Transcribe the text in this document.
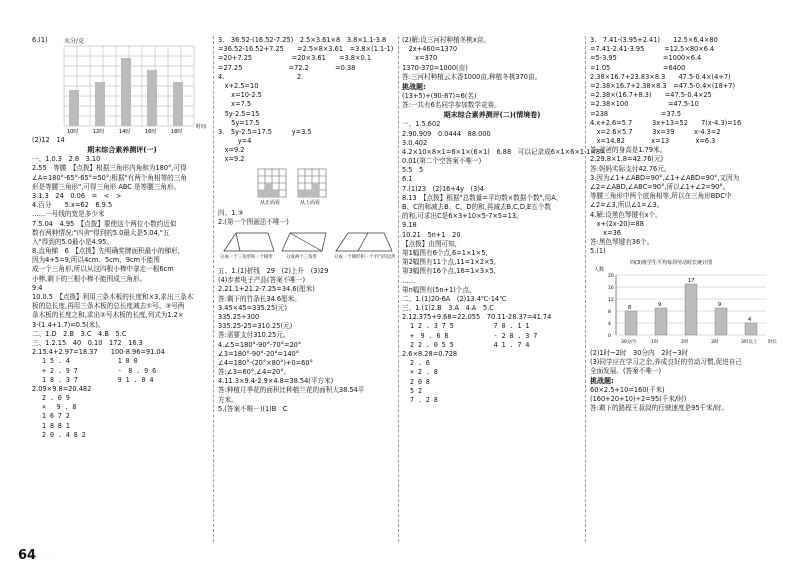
6.(1)	水分/克
10时	12时	14时	16时	18时
时间
(2)12　14
期末综合素养测评(一)
一、1.0.3　2.8　3.10
2.55　等腰　【点拨】根据三角形内角和为180°,可得
∠A=180°-65°-65°=50°;根据"有两个角相等的三角
形是等腰三角形",可得三角形 ABC 是等腰三角形。
3.1.3　24　0.06　=　<　>
4.百分　　5.x=62　6.9.5
……一号线的宽是多少米
7.5.04　4.95　【点拨】要使这个两位小数约近似
数有两种情况:"四舍"得到的5.0最大是5.04,"五
入"得到的5.0最小是4.95。
8.直角梯　6　【点拨】先明确奖牌面积最小的梯形,
因为4+5=9,所以4cm、5cm、9cm不能围
成一个三角形,所以从这四根小棒中拿走一根6cm
小棒,剩下的三根小棒不能围成三角形。
9.4
10.0.5　【点拨】利用三条木板的长度和×3,求出三条木
板的总长度,再用三条木板的总长度减去①号、③号两
条木板的长度之和,求出②号木板的长度,列式为1.2×
3-(1.4+1.7)=0.5(米)。
二、1.D　2.B　3.C　4.B　5.C
三、1.2.15　40　0.10　172　16.3
2.15.4+2.97=18.37　　100-8.96=91.04
1 5 . 4
+ 2 . 9 7
1 8 . 3 7
1 0 0
-　8 . 9 6
9 1 . 0 4
2.09×9.8=20.482
2 . 0 9
×　 9 . 8
1 6 7 2
1 8 8 1
2 0 . 4 8 2
3.　36.52-(16.52-7.25)　2.5×3.61×8　3.8×1.1-3.8
=36.52-16.52+7.25　　=2.5×8×3.61　=3.8×(1.1-1)
=20+7.25　　　　　　=20×3.61　　=3.8×0.1
=27.25　　　　　　　=72.2　　　　=0.38
4.　　　　　　　　　　　2.
　x+2.5=10
　　x=10-2.5
　　x=7.5
　5y-2.5=15
　　5y=17.5
3.　5y-2.5=17.5　　　y=3.5
　　　y=4
　x=9.2
　x=9.2
从正面看	从上面看
四、1.③
2.(第一个图画法不唯一)
分成一个三角形和一个梯形	分成两个三角形	分成一个梯形和一个平行四边形
五、1.(1)折线　29　(2)上升　(3)29
(4)步着电子产品(答案不唯一)
2.21.1+21.2-7.25=34.6(厘米)
答:剩下的竹条长34.6厘米。
3.45×45=335.25(元)
335.25÷300
335.25-25=310.25(元)
答:需要支付310.25元。
4.∠5=180°-90°-70°=20°
∠3=180°-90°-20°=140°
∠4=180°-(20°×80°)+0=60°
答:∠3=60°,∠4=20°。
4.11.3×9.4-2.9×4.8=38.54(平方米)
答:种植月季花的面积比种植兰花的面积大38.54平
方米。
5.(答案不唯一)(1)B　C
(2)解:设三河村种植冬桃x亩。
　2x+460=1370
　　x=370
1370-370=1000(亩)
答:三河村种植云木香1000亩,种植冬桃370亩。
挑战题:
(13+5)+(90-87)=6(名)
答:一共有6名同学参加数学竞赛。
期末综合素养测评(二)(情境卷)
一、1.5.602
2.90.909　0.0444　88.000
3.0.402
4.2×10×8×1=6×1×(6×1)　6.88　可以记录成6×1×6×1·1×8×
0.01(第二个空答案不唯一)
5.5　5
6.1
7.(1)23　(2)16+4y　(3)4
8.13　【点拨】根据"总数量=平均数×数据个数",用A、
B、C的和减去B、C、D的和,再减去B,C,D,E五个数
的和,可求出C是6×3+10×5-7×5=13。
9.18
10.21　5n+1　20
【点拨】由图可知,
第1幅图有6个点,6=1×1×5,
第2幅图有11个点,11=1×2×5,
第3幅图有16个点,16=1×3×5,
……
第n幅图有(5n+1)个点。
二、1.(1)20-6A　(2)13.4℃-14℃
三、1.(1)2.B　3.A　4.A　5.C
2.12.375+9.68=22.055　70.11-28.37=41.74
1 2 . 3 7 5
+　9 . 6 8
2 2 . 0 5 5
7 0 . 1 1
- 2 8 . 3 7
4 1 . 7 4
2.6×8.28=0.728
2 . 6
× 2 . 8
2 0 8
5 2
7 . 2 8
3.　7.41-(3.95+2.41)　　12.5×6.4×80
=7.41-2.41-3.95　　　=12.5×80×6.4
=5-3.95　　　　　　　=1000×6.4
=1.05　　　　　　　　=6400
2.38×16.7+23.83×8.3　　47.5-0.4×(4+7)
=2.38×16.7+2.38×8.3　=47.5-0.4×(18+7)
=2.38×(16.7+8.3)　　=47.5-0.4×25
=2.38×100　　　　　　=47.5-10
=238　　　　　　　　=37.5
4.x+2.6=5.7　　　3x+13=52　　7(x-4.3)=16
　x=2.6×5.7　　　3x=39　　　x-4.3=2
　x=14.82　　　　x=13　　　　x=6.3
答:爸爸的身高是1.79米。
2.29.8×1.8=42.76(元)
答:妈妈实际支付42.76元。
3.因为∠1+∠ABD=90°,∠1+∠ABD=90°,又因为
∠2=∠ABD,∠ABC=90°,所以∠1+∠2=90°。
等腰三角形中两个底角相等,所以在三角形BDC中
∠2=∠3,所以∠1=∠3。
4.解:设黑色琴键有x个。
　x+(2x-20)=88
　　x=36
答:黑色琴键有36个。
5.(1)
四(3)班学生平均每周劳动时长统计图
人数
0
4
8
12
16
20
8
30分内
9
1时
17
2时
9
3时
4
3时以上 时长
(2)1时~2时　30分内　2时~3时
(3)同学应在学习之余,养成良好的劳动习惯,促进自己
全面发展。(答案不唯一)
挑战题:
60×2.5+10=160(千米)
(160+20+10)÷2=95(千米/时)
答:剩下的路程王叔叔的行驶速度是95千米/时。
64 · · ·
